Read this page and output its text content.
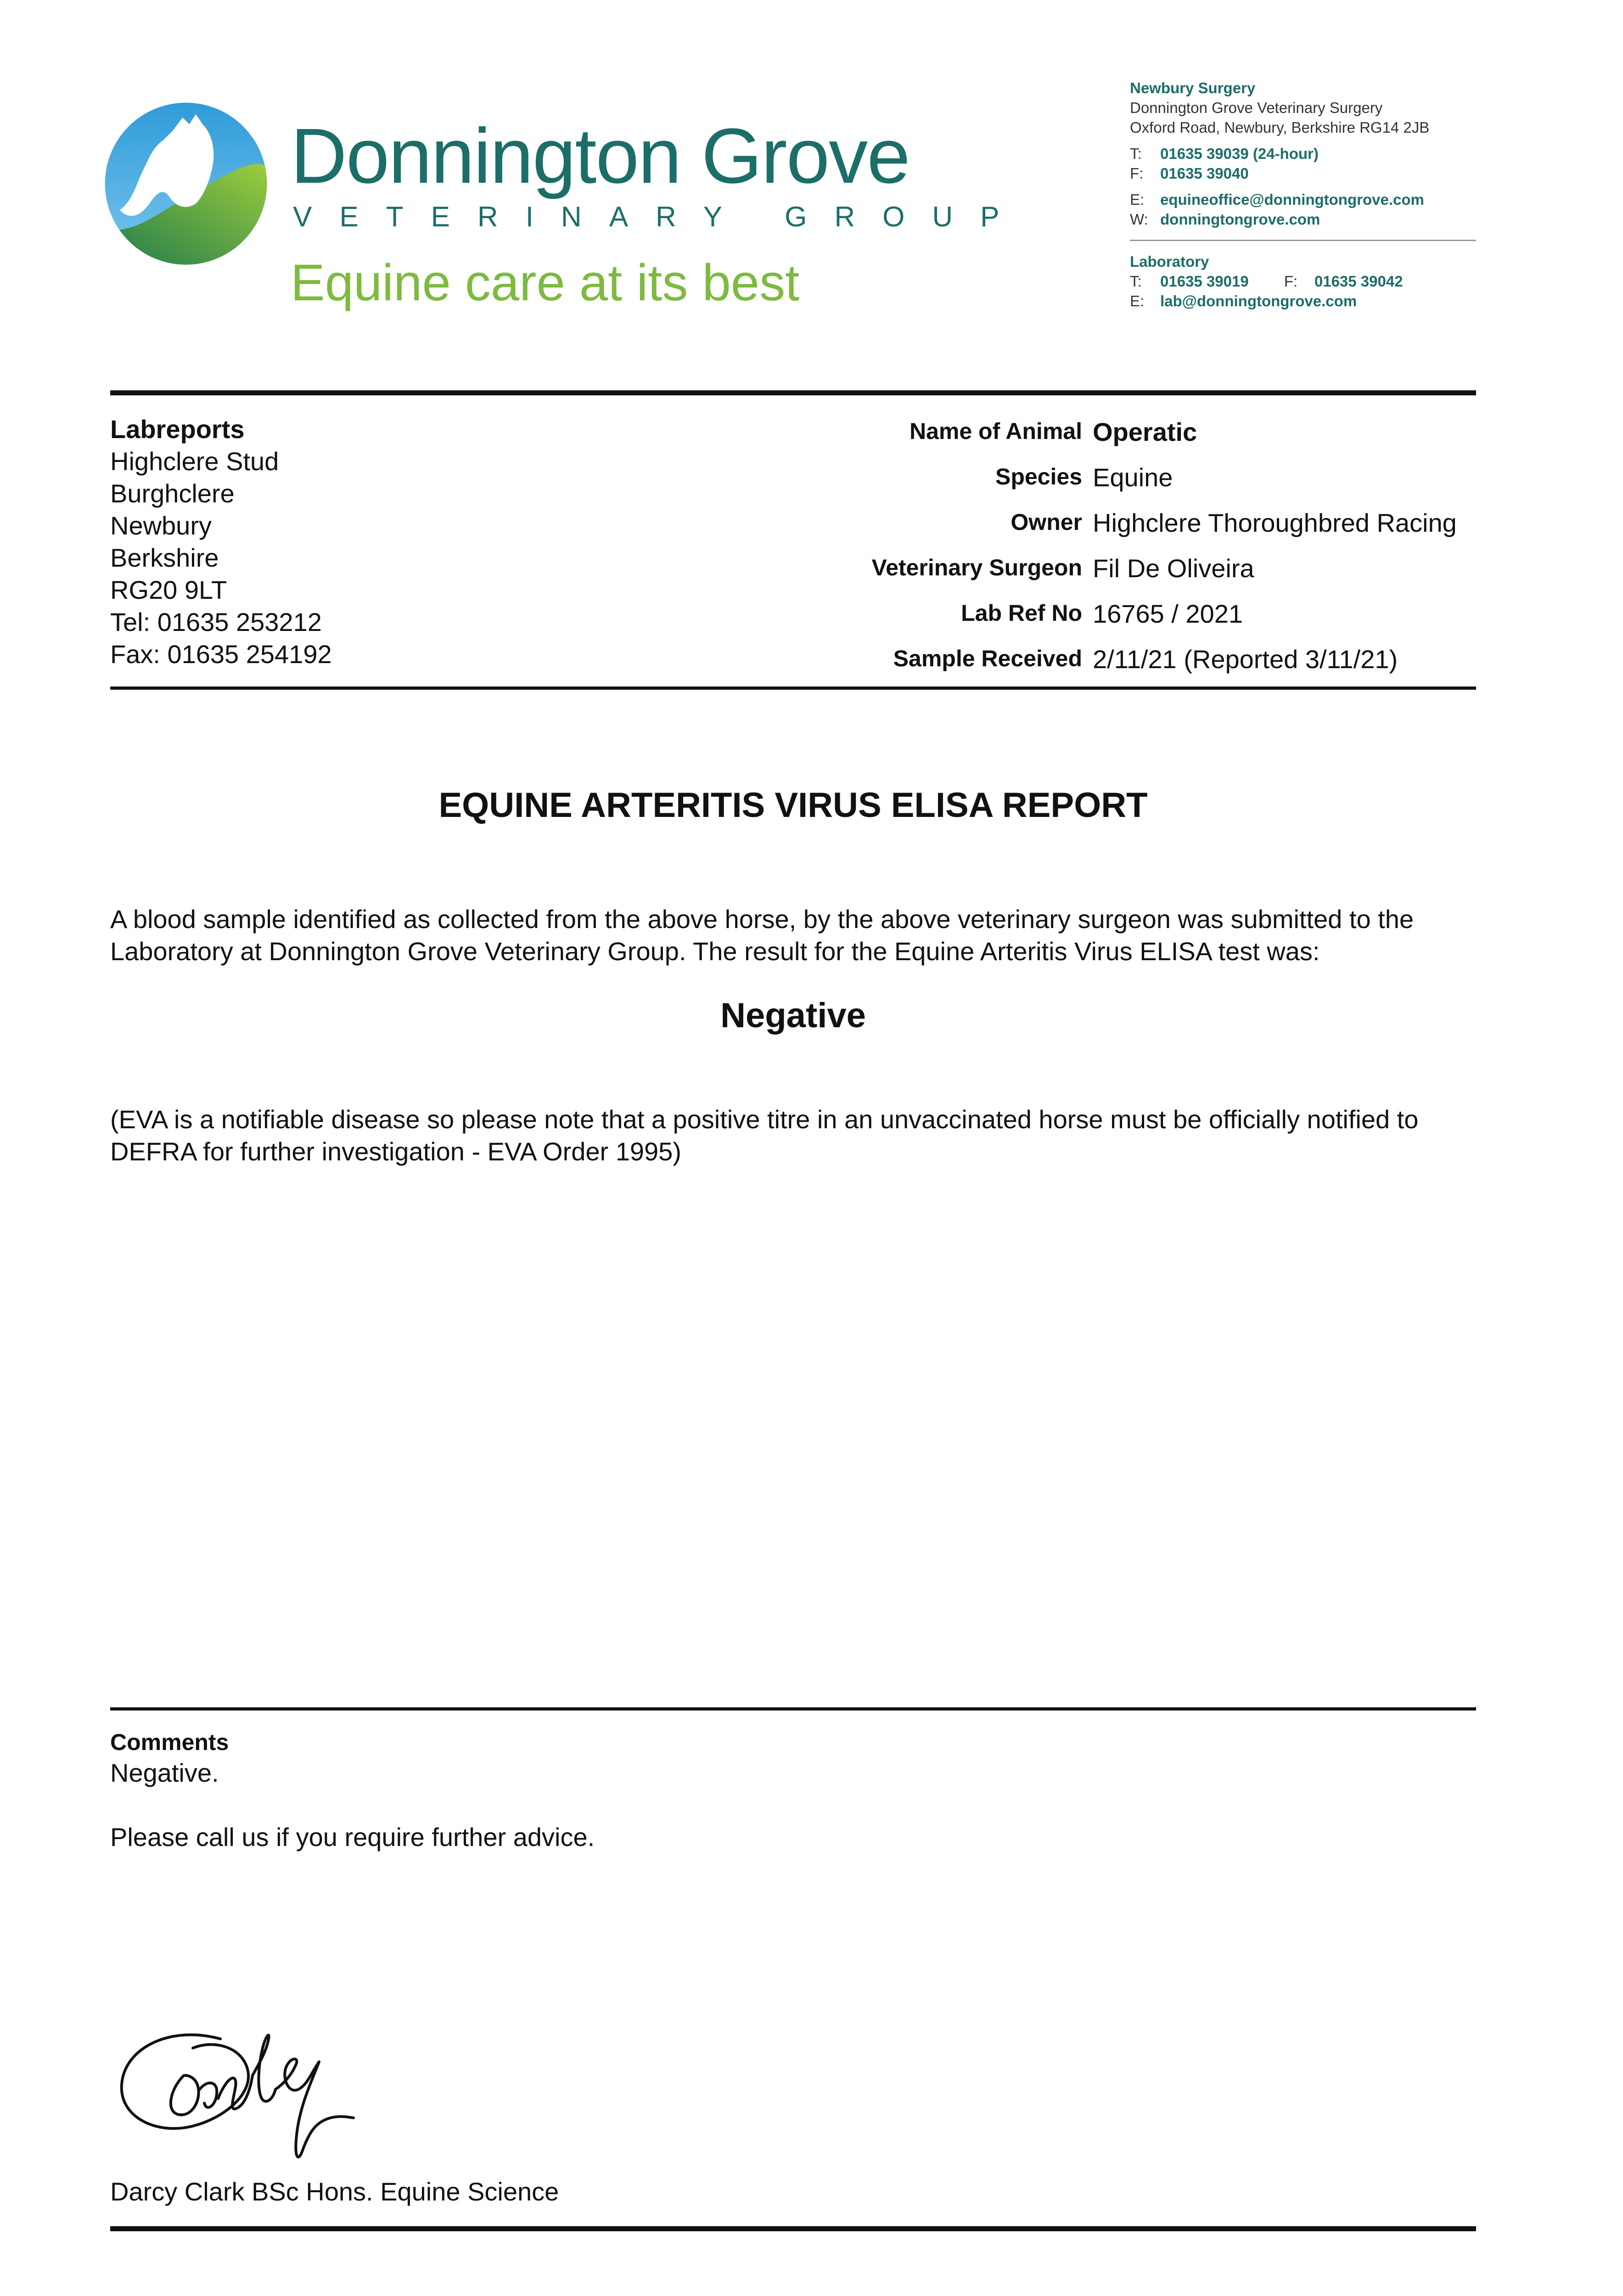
Donnington Grove
VETERINARY GROUP
Equine care at its best
Newbury Surgery
Donnington Grove Veterinary Surgery
Oxford Road, Newbury, Berkshire RG14 2JB
T: 01635 39039 (24-hour)
F: 01635 39040
E: equineoffice@donningtongrove.com
W: donningtongrove.com
Laboratory
T: 01635 39019 F: 01635 39042
E: lab@donningtongrove.com
Labreports
Highclere Stud
Burghclere
Newbury
Berkshire
RG20 9LT
Tel: 01635 253212
Fax: 01635 254192
Name of Animal Operatic
Species Equine
Owner Highclere Thoroughbred Racing
Veterinary Surgeon Fil De Oliveira
Lab Ref No 16765 / 2021
Sample Received 2/11/21 (Reported 3/11/21)
EQUINE ARTERITIS VIRUS ELISA REPORT
A blood sample identified as collected from the above horse, by the above veterinary surgeon was submitted to the Laboratory at Donnington Grove Veterinary Group. The result for the Equine Arteritis Virus ELISA test was:
Negative
(EVA is a notifiable disease so please note that a positive titre in an unvaccinated horse must be officially notified to DEFRA for further investigation - EVA Order 1995)
Comments
Negative.
Please call us if you require further advice.
Darcy Clark BSc Hons. Equine Science
